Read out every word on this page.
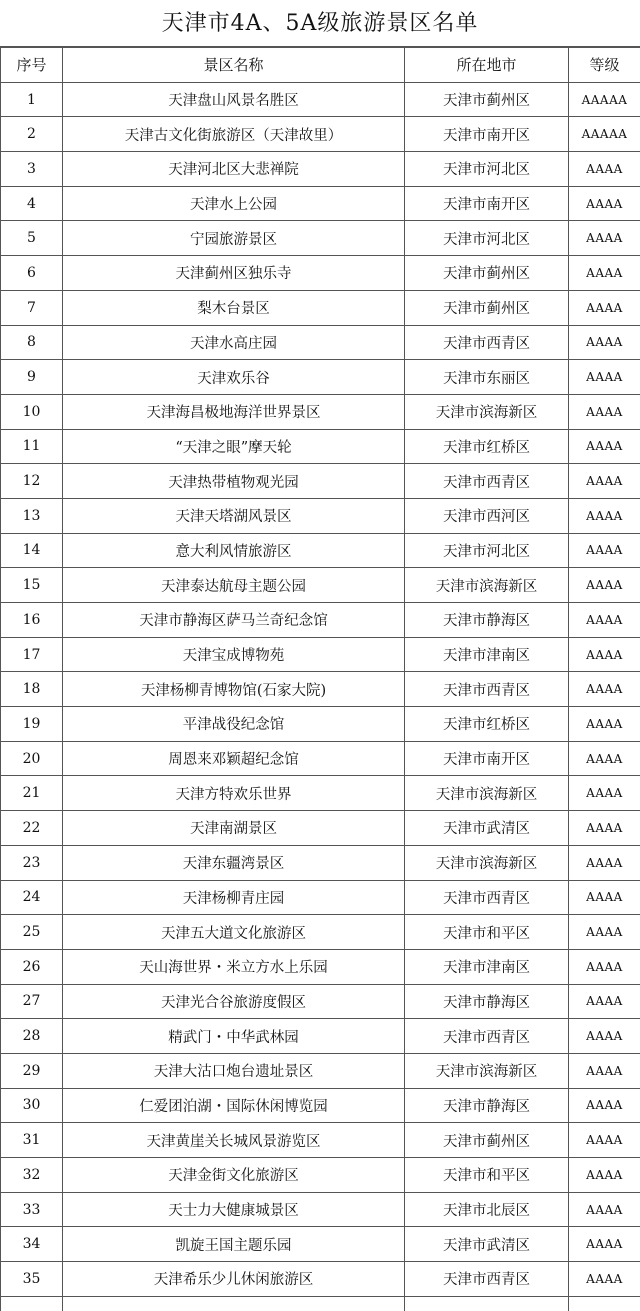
天津市4A、5A级旅游景区名单
序号	景区名称	所在地市	等级
1	天津盘山风景名胜区	天津市蓟州区	AAAAA
2	天津古文化街旅游区（天津故里）	天津市南开区	AAAAA
3	天津河北区大悲禅院	天津市河北区	AAAA
4	天津水上公园	天津市南开区	AAAA
5	宁园旅游景区	天津市河北区	AAAA
6	天津蓟州区独乐寺	天津市蓟州区	AAAA
7	梨木台景区	天津市蓟州区	AAAA
8	天津水高庄园	天津市西青区	AAAA
9	天津欢乐谷	天津市东丽区	AAAA
10	天津海昌极地海洋世界景区	天津市滨海新区	AAAA
11	“天津之眼”摩天轮	天津市红桥区	AAAA
12	天津热带植物观光园	天津市西青区	AAAA
13	天津天塔湖风景区	天津市西河区	AAAA
14	意大利风情旅游区	天津市河北区	AAAA
15	天津泰达航母主题公园	天津市滨海新区	AAAA
16	天津市静海区萨马兰奇纪念馆	天津市静海区	AAAA
17	天津宝成博物苑	天津市津南区	AAAA
18	天津杨柳青博物馆(石家大院)	天津市西青区	AAAA
19	平津战役纪念馆	天津市红桥区	AAAA
20	周恩来邓颖超纪念馆	天津市南开区	AAAA
21	天津方特欢乐世界	天津市滨海新区	AAAA
22	天津南湖景区	天津市武清区	AAAA
23	天津东疆湾景区	天津市滨海新区	AAAA
24	天津杨柳青庄园	天津市西青区	AAAA
25	天津五大道文化旅游区	天津市和平区	AAAA
26	天山海世界・米立方水上乐园	天津市津南区	AAAA
27	天津光合谷旅游度假区	天津市静海区	AAAA
28	精武门・中华武林园	天津市西青区	AAAA
29	天津大沽口炮台遗址景区	天津市滨海新区	AAAA
30	仁爱团泊湖・国际休闲博览园	天津市静海区	AAAA
31	天津黄崖关长城风景游览区	天津市蓟州区	AAAA
32	天津金街文化旅游区	天津市和平区	AAAA
33	天士力大健康城景区	天津市北辰区	AAAA
34	凯旋王国主题乐园	天津市武清区	AAAA
35	天津希乐少儿休闲旅游区	天津市西青区	AAAA
